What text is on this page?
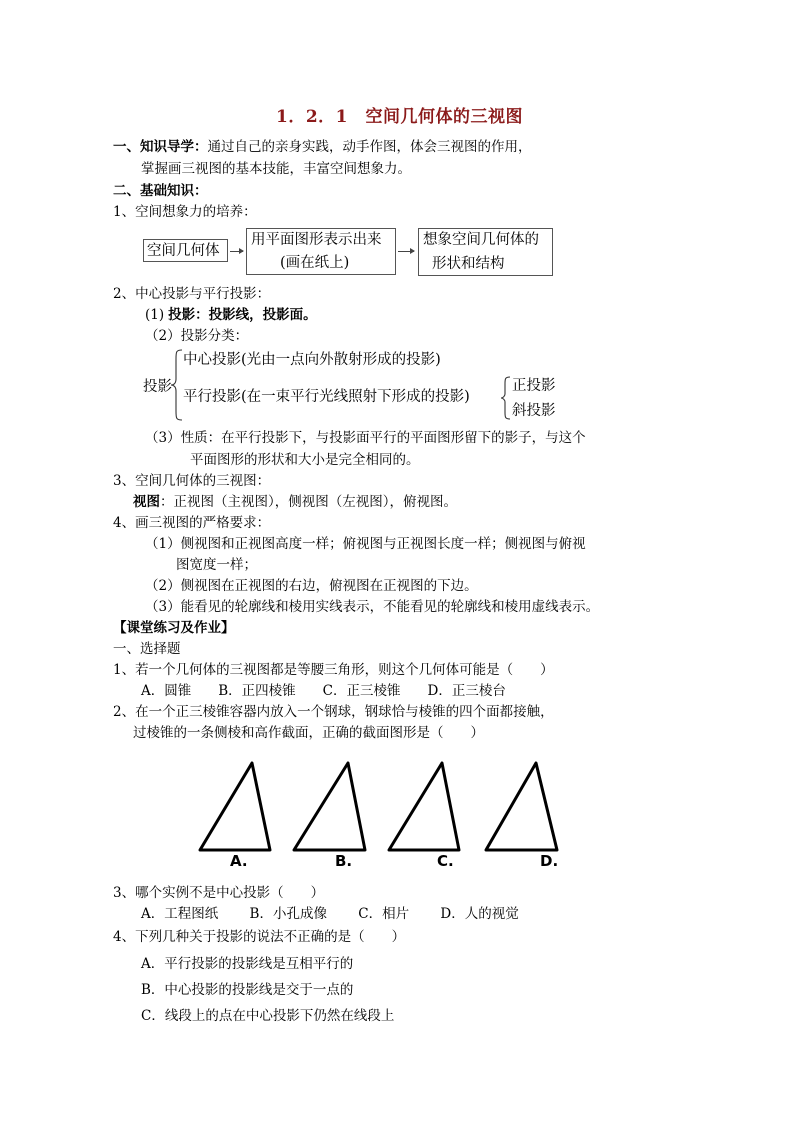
1．2．1　空间几何体的三视图
一、知识导学：通过自己的亲身实践，动手作图，体会三视图的作用，
掌握画三视图的基本技能，丰富空间想象力。
二、基础知识：
1、空间想象力的培养：
空间几何体
用平面图形表示出来
(画在纸上)
想象空间几何体的
形状和结构
2、中心投影与平行投影：
(1) 投影：投影线，投影面。
（2）投影分类：
投影
中心投影(光由一点向外散射形成的投影)
平行投影(在一束平行光线照射下形成的投影)
正投影
斜投影
（3）性质：在平行投影下，与投影面平行的平面图形留下的影子，与这个
平面图形的形状和大小是完全相同的。
3、空间几何体的三视图：
视图：正视图（主视图），侧视图（左视图），俯视图。
4、画三视图的严格要求：
（1）侧视图和正视图高度一样；俯视图与正视图长度一样；侧视图与俯视
图宽度一样；
（2）侧视图在正视图的右边，俯视图在正视图的下边。
（3）能看见的轮廓线和棱用实线表示，不能看见的轮廓线和棱用虚线表示。
【课堂练习及作业】
一、选择题
1、若一个几何体的三视图都是等腰三角形，则这个几何体可能是（　　）
A．圆锥　　B．正四棱锥　　C．正三棱锥　　D．正三棱台
2、在一个正三棱锥容器内放入一个钢球，钢球恰与棱锥的四个面都接触，
过棱锥的一条侧棱和高作截面，正确的截面图形是（　　）
A.	B.	C.	D.
3、哪个实例不是中心投影（　　）
A．工程图纸　　 B．小孔成像　　 C．相片　　 D．人的视觉
4、下列几种关于投影的说法不正确的是（　　）
A．平行投影的投影线是互相平行的
B．中心投影的投影线是交于一点的
C．线段上的点在中心投影下仍然在线段上
